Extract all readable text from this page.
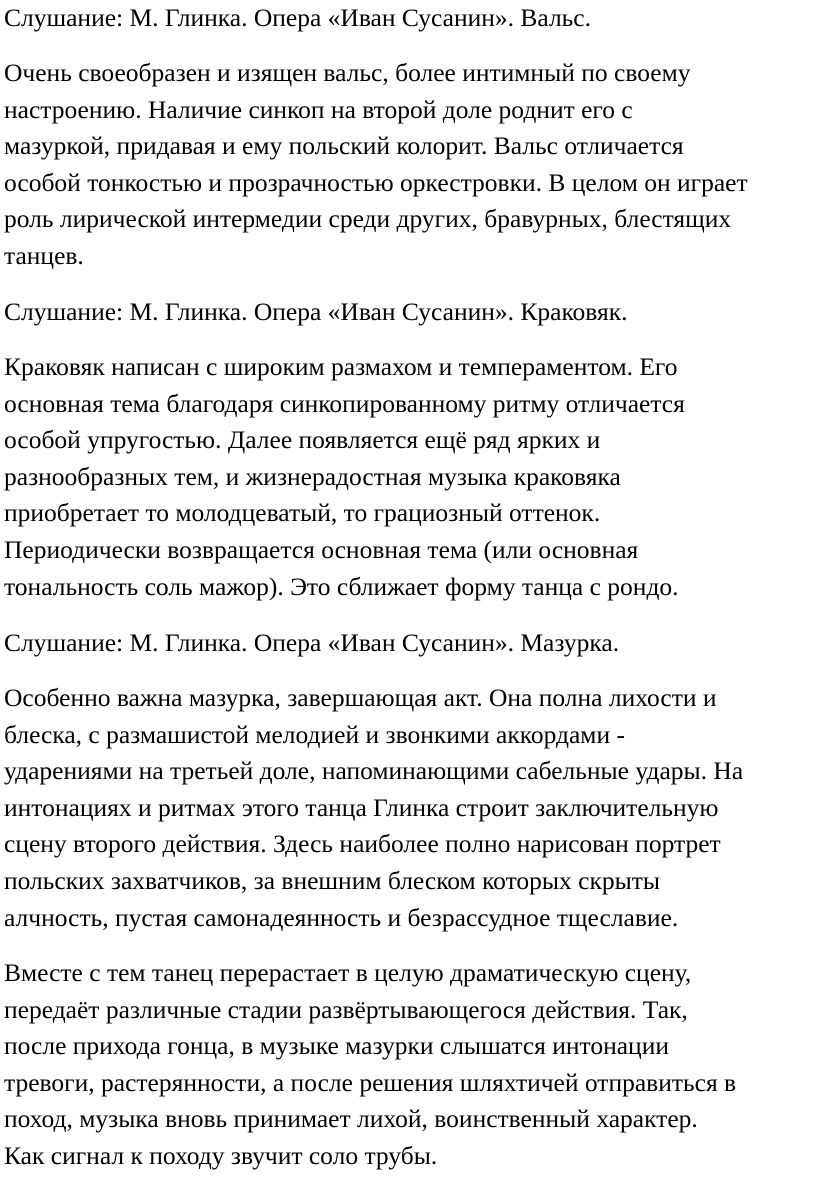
Слушание: М. Глинка. Опера «Иван Сусанин». Вальс.

Очень своеобразен и изящен вальс, более интимный по своему
настроению. Наличие синкоп на второй доле роднит его с
мазуркой, придавая и ему польский колорит. Вальс отличается
особой тонкостью и прозрачностью оркестровки. В целом он играет
роль лирической интермедии среди других, бравурных, блестящих
танцев.

Слушание: М. Глинка. Опера «Иван Сусанин». Краковяк.

Краковяк написан с широким размахом и темпераментом. Его
основная тема благодаря синкопированному ритму отличается
особой упругостью. Далее появляется ещё ряд ярких и
разнообразных тем, и жизнерадостная музыка краковяка
приобретает то молодцеватый, то грациозный оттенок.
Периодически возвращается основная тема (или основная
тональность соль мажор). Это сближает форму танца с рондо.

Слушание: М. Глинка. Опера «Иван Сусанин». Мазурка.

Особенно важна мазурка, завершающая акт. Она полна лихости и
блеска, с размашистой мелодией и звонкими аккордами -
ударениями на третьей доле, напоминающими сабельные удары. На
интонациях и ритмах этого танца Глинка строит заключительную
сцену второго действия. Здесь наиболее полно нарисован портрет
польских захватчиков, за внешним блеском которых скрыты
алчность, пустая самонадеянность и безрассудное тщеславие.
Вместе с тем танец перерастает в целую драматическую сцену,
передаёт различные стадии развёртывающегося действия. Так,
после прихода гонца, в музыке мазурки слышатся интонации
тревоги, растерянности, а после решения шляхтичей отправиться в
поход, музыка вновь принимает лихой, воинственный характер.
Как сигнал к походу звучит соло трубы.
